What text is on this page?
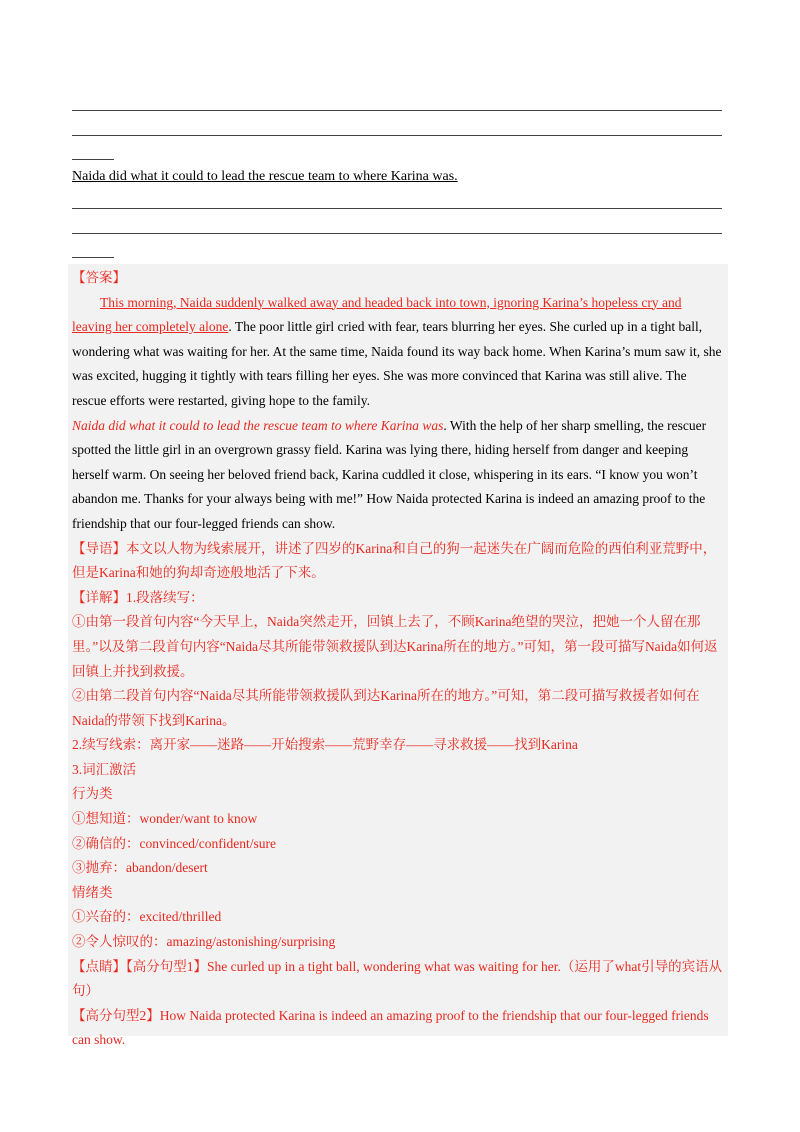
Naida did what it could to lead the rescue team to where Karina was.

【答案】

This morning, Naida suddenly walked away and headed back into town, ignoring Karina’s hopeless cry and leaving her completely alone. The poor little girl cried with fear, tears blurring her eyes. She curled up in a tight ball, wondering what was waiting for her. At the same time, Naida found its way back home. When Karina’s mum saw it, she was excited, hugging it tightly with tears filling her eyes. She was more convinced that Karina was still alive. The rescue efforts were restarted, giving hope to the family.

Naida did what it could to lead the rescue team to where Karina was. With the help of her sharp smelling, the rescuer spotted the little girl in an overgrown grassy field. Karina was lying there, hiding herself from danger and keeping herself warm. On seeing her beloved friend back, Karina cuddled it close, whispering in its ears. “I know you won’t abandon me. Thanks for your always being with me!” How Naida protected Karina is indeed an amazing proof to the friendship that our four-legged friends can show.

【导语】本文以人物为线索展开，讲述了四岁的Karina和自己的狗一起迷失在广阔而危险的西伯利亚荒野中，但是Karina和她的狗却奇迹般地活了下来。

【详解】1.段落续写：

①由第一段首句内容“今天早上，Naida突然走开，回镇上去了，不顾Karina绝望的哭泣，把她一个人留在那里。”以及第二段首句内容“Naida尽其所能带领救援队到达Karina所在的地方。”可知，第一段可描写Naida如何返回镇上并找到救援。

②由第二段首句内容“Naida尽其所能带领救援队到达Karina所在的地方。”可知，第二段可描写救援者如何在Naida的带领下找到Karina。

2.续写线索：离开家——迷路——开始搜索——荒野幸存——寻求救援——找到Karina

3.词汇激活

行为类

①想知道：wonder/want to know

②确信的：convinced/confident/sure

③抛弃：abandon/desert

情绪类

①兴奋的：excited/thrilled

②令人惊叹的：amazing/astonishing/surprising

【点睛】【高分句型1】She curled up in a tight ball, wondering what was waiting for her.（运用了what引导的宾语从句）

【高分句型2】How Naida protected Karina is indeed an amazing proof to the friendship that our four-legged friends can show.
